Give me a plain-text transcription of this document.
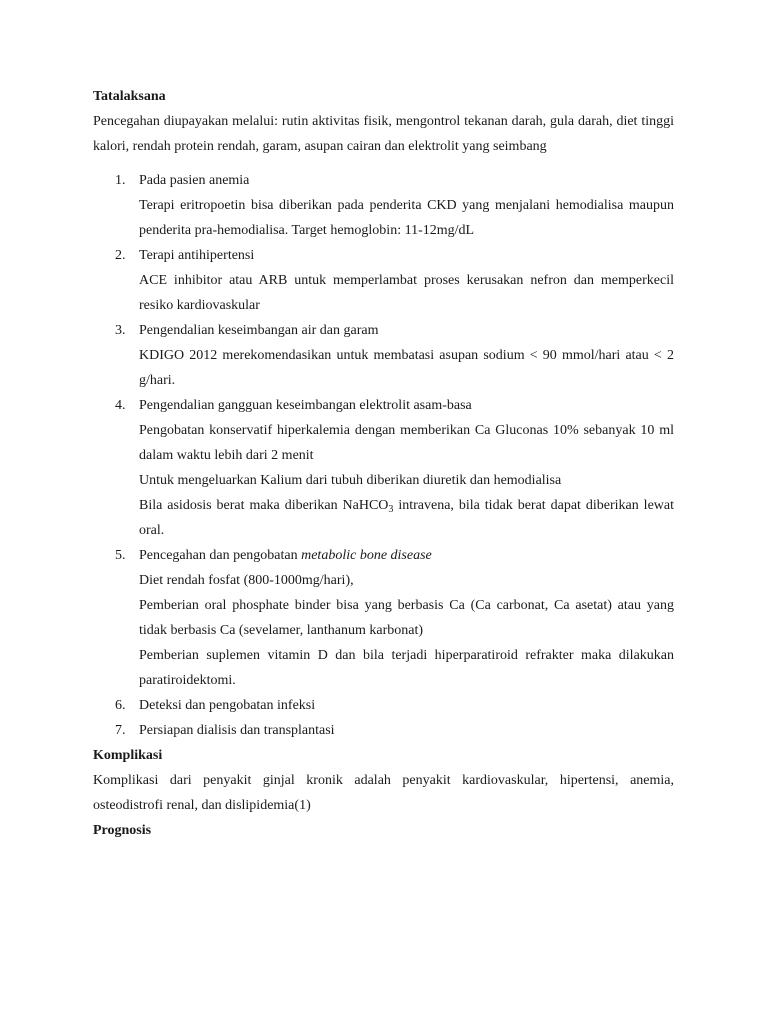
Tatalaksana

Pencegahan diupayakan melalui: rutin aktivitas fisik, mengontrol tekanan darah, gula darah, diet tinggi kalori, rendah protein rendah, garam, asupan cairan dan elektrolit yang seimbang

1. Pada pasien anemia
Terapi eritropoetin bisa diberikan pada penderita CKD yang menjalani hemodialisa maupun penderita pra-hemodialisa. Target hemoglobin: 11-12mg/dL
2. Terapi antihipertensi
ACE inhibitor atau ARB untuk memperlambat proses kerusakan nefron dan memperkecil resiko kardiovaskular
3. Pengendalian keseimbangan air dan garam
KDIGO 2012 merekomendasikan untuk membatasi asupan sodium < 90 mmol/hari atau < 2 g/hari.
4. Pengendalian gangguan keseimbangan elektrolit asam-basa
Pengobatan konservatif hiperkalemia dengan memberikan Ca Gluconas 10% sebanyak 10 ml dalam waktu lebih dari 2 menit
Untuk mengeluarkan Kalium dari tubuh diberikan diuretik dan hemodialisa
Bila asidosis berat maka diberikan NaHCO$_3$ intravena, bila tidak berat dapat diberikan lewat oral.
5. Pencegahan dan pengobatan metabolic bone disease
Diet rendah fosfat (800-1000mg/hari),
Pemberian oral phosphate binder bisa yang berbasis Ca (Ca carbonat, Ca asetat) atau yang tidak berbasis Ca (sevelamer, lanthanum karbonat)
Pemberian suplemen vitamin D dan bila terjadi hiperparatiroid refrakter maka dilakukan paratiroidektomi.
6. Deteksi dan pengobatan infeksi
7. Persiapan dialisis dan transplantasi
Komplikasi

Komplikasi dari penyakit ginjal kronik adalah penyakit kardiovaskular, hipertensi, anemia, osteodistrofi renal, dan dislipidemia(1)

Prognosis
